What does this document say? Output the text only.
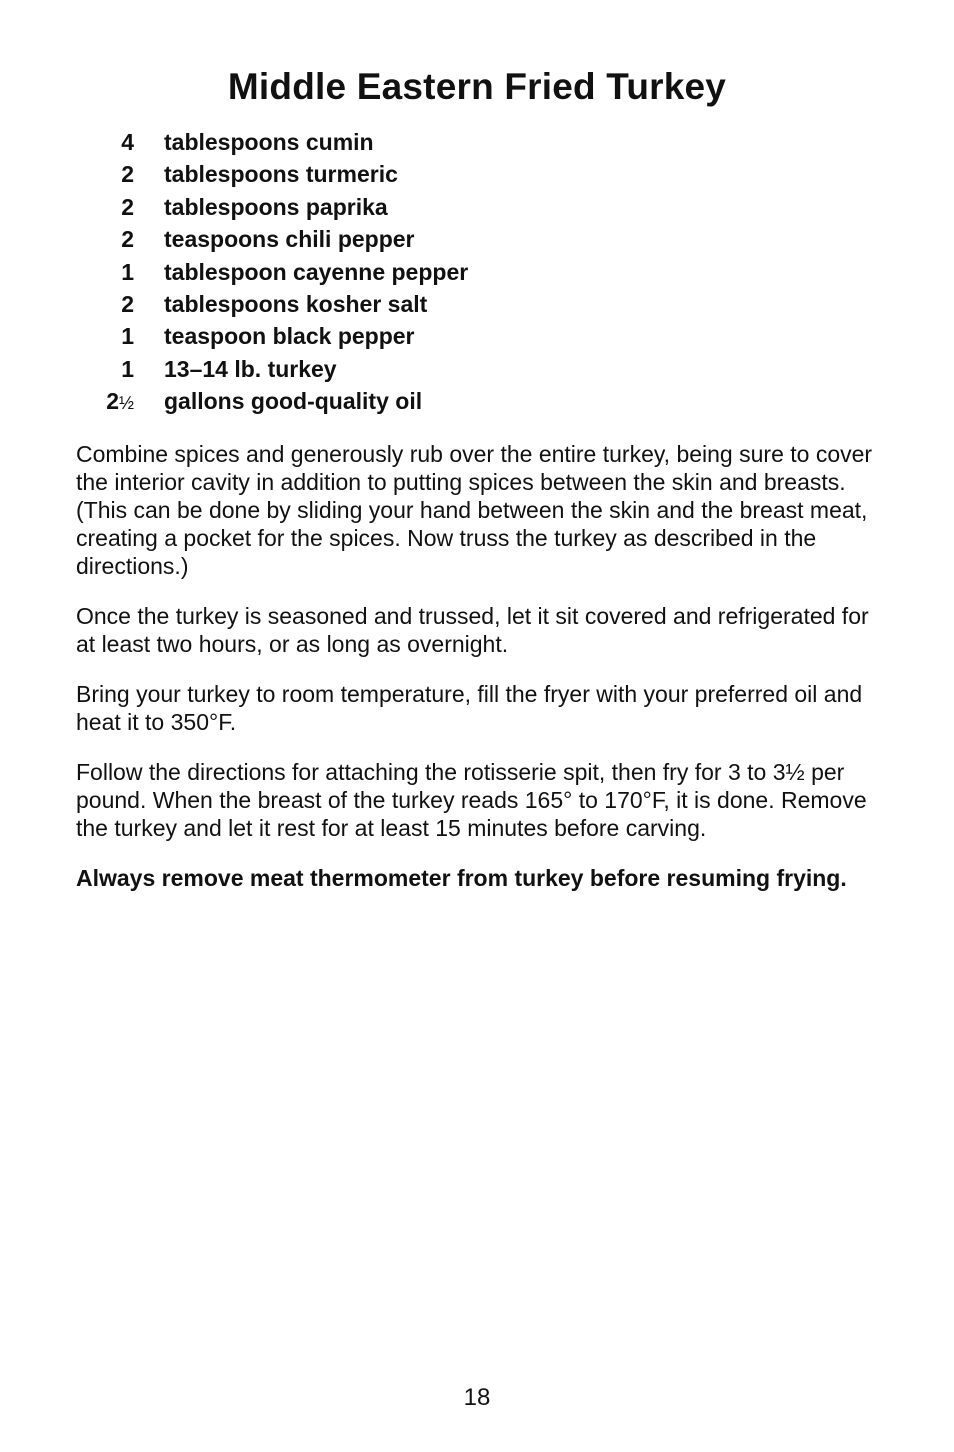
Middle Eastern Fried Turkey
4 tablespoons cumin
2 tablespoons turmeric
2 tablespoons paprika
2 teaspoons chili pepper
1 tablespoon cayenne pepper
2 tablespoons kosher salt
1 teaspoon black pepper
1 13–14 lb. turkey
2½ gallons good-quality oil

Combine spices and generously rub over the entire turkey, being sure to cover the interior cavity in addition to putting spices between the skin and breasts. (This can be done by sliding your hand between the skin and the breast meat, creating a pocket for the spices. Now truss the turkey as described in the directions.)

Once the turkey is seasoned and trussed, let it sit covered and refrigerated for at least two hours, or as long as overnight.

Bring your turkey to room temperature, fill the fryer with your preferred oil and heat it to 350°F.

Follow the directions for attaching the rotisserie spit, then fry for 3 to 3½ per pound. When the breast of the turkey reads 165° to 170°F, it is done. Remove the turkey and let it rest for at least 15 minutes before carving.

Always remove meat thermometer from turkey before resuming frying.

18
